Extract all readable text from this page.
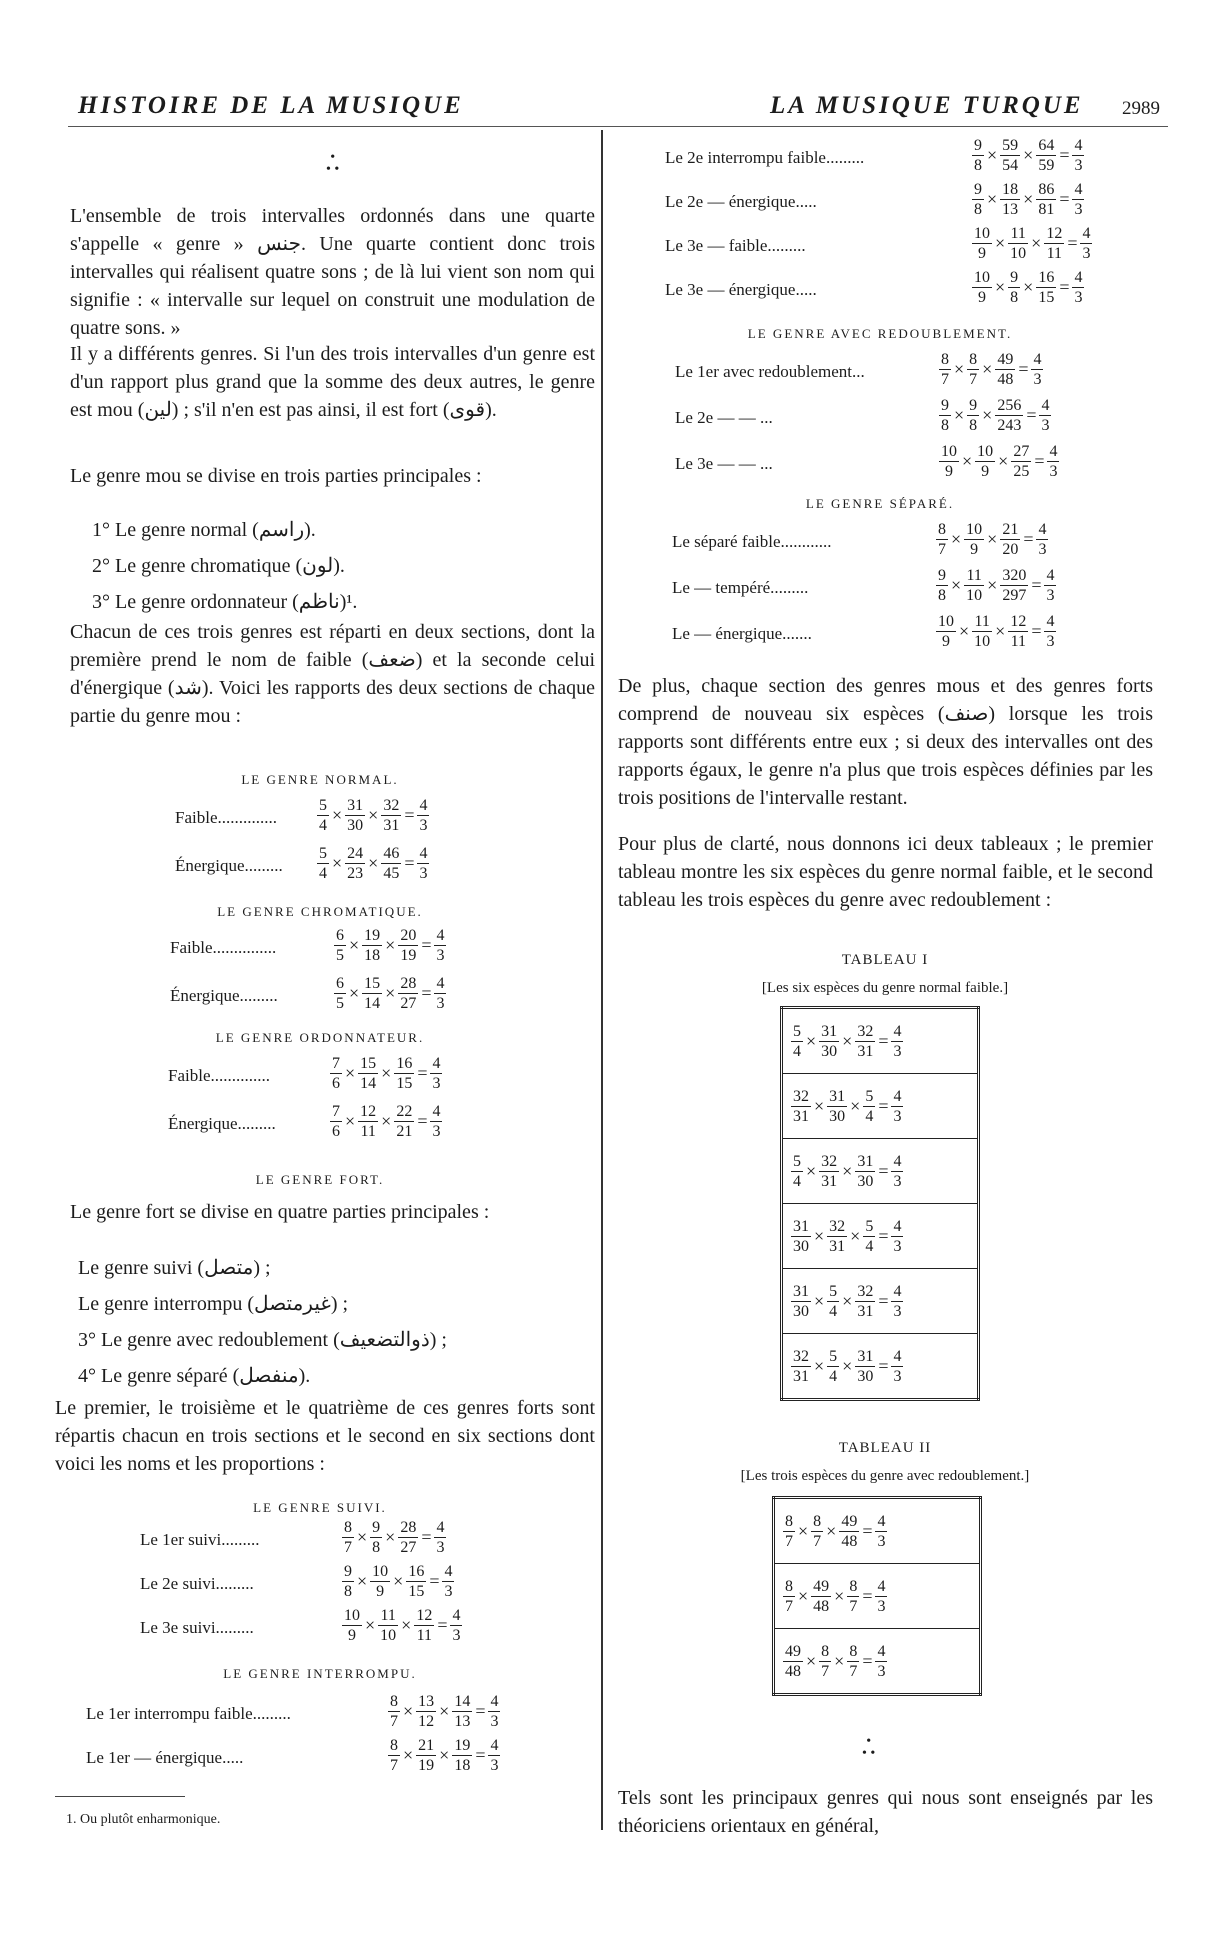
HISTOIRE DE LA MUSIQUE	LA MUSIQUE TURQUE 2989
•
• •
L'ensemble de trois intervalles ordonnés dans une quarte s'appelle « genre » جنس. Une quarte contient donc trois intervalles qui réalisent quatre sons ; de là lui vient son nom qui signifie : « intervalle sur lequel on construit une modulation de quatre sons. »
Il y a différents genres. Si l'un des trois intervalles d'un genre est d'un rapport plus grand que la somme des deux autres, le genre est mou (لين) ; s'il n'en est pas ainsi, il est fort (قوى).
Le genre mou se divise en trois parties principales :
1° Le genre normal (راسم).
2° Le genre chromatique (لون).
3° Le genre ordonnateur (ناظم)¹.
Chacun de ces trois genres est réparti en deux sections, dont la première prend le nom de faible (ضعف) et la seconde celui d'énergique (شد). Voici les rapports des deux sections de chaque partie du genre mou :
LE GENRE NORMAL.
Faible..............	$\frac{5}{4} \times \frac{31}{30} \times \frac{32}{31} = \frac{4}{3}$
Énergique......... $\frac{5}{4} \times \frac{24}{23} \times \frac{46}{45} = \frac{4}{3}$
LE GENRE CHROMATIQUE.
Faible...............	$\frac{6}{5} \times \frac{19}{18} \times \frac{20}{19} = \frac{4}{3}$
Énergique.........	$\frac{6}{5} \times \frac{15}{14} \times \frac{28}{27} = \frac{4}{3}$
LE GENRE ORDONNATEUR.
Faible..............	$\frac{7}{6} \times \frac{15}{14} \times \frac{16}{15} = \frac{4}{3}$
Énergique.........	$\frac{7}{6} \times \frac{12}{11} \times \frac{22}{21} = \frac{4}{3}$
LE GENRE FORT.
Le genre fort se divise en quatre parties principales :
Le genre suivi (متصل) ;
Le genre interrompu (غيرمتصل) ;
3° Le genre avec redoublement (ذوالتضعيف) ;
4° Le genre séparé (منفصل).
Le premier, le troisième et le quatrième de ces genres forts sont répartis chacun en trois sections et le second en six sections dont voici les noms et les proportions :
LE GENRE SUIVI.
Le 1er suivi.........	$\frac{8}{7} \times \frac{9}{8} \times \frac{28}{27} = \frac{4}{3}$
Le 2e suivi.........	$\frac{9}{8} \times \frac{10}{9} \times \frac{16}{15} = \frac{4}{3}$
Le 3e suivi.........	$\frac{10}{9} \times \frac{11}{10} \times \frac{12}{11} = \frac{4}{3}$
LE GENRE INTERROMPU.
Le 1er interrompu faible.........	$\frac{8}{7} \times \frac{13}{12} \times \frac{14}{13} = \frac{4}{3}$
Le 1er — énergique.....	$\frac{8}{7} \times \frac{21}{19} \times \frac{19}{18} = \frac{4}{3}$
1. Ou plutôt enharmonique.
Le 2e interrompu faible.........	$\frac{9}{8} \times \frac{59}{54} \times \frac{64}{59} = \frac{4}{3}$
Le 2e — énergique.....	$\frac{9}{8} \times \frac{18}{13} \times \frac{86}{81} = \frac{4}{3}$
Le 3e — faible.........	$\frac{10}{9} \times \frac{11}{10} \times \frac{12}{11} = \frac{4}{3}$
Le 3e — énergique.....	$\frac{10}{9} \times \frac{9}{8} \times \frac{16}{15} = \frac{4}{3}$
LE GENRE AVEC REDOUBLEMENT.
Le 1er avec redoublement...	$\frac{8}{7} \times \frac{8}{7} \times \frac{49}{48} = \frac{4}{3}$
Le 2e — — ...	$\frac{9}{8} \times \frac{9}{8} \times \frac{256}{243} = \frac{4}{3}$
Le 3e — — ...	$\frac{10}{9} \times \frac{10}{9} \times \frac{27}{25} = \frac{4}{3}$
LE GENRE SÉPARÉ.
Le séparé faible............	$\frac{8}{7} \times \frac{10}{9} \times \frac{21}{20} = \frac{4}{3}$
Le — tempéré.........	$\frac{9}{8} \times \frac{11}{10} \times \frac{320}{297} = \frac{4}{3}$
Le — énergique.......	$\frac{10}{9} \times \frac{11}{10} \times \frac{12}{11} = \frac{4}{3}$
De plus, chaque section des genres mous et des genres forts comprend de nouveau six espèces (صنف) lorsque les trois rapports sont différents entre eux ; si deux des intervalles ont des rapports égaux, le genre n'a plus que trois espèces définies par les trois positions de l'intervalle restant.
Pour plus de clarté, nous donnons ici deux tableaux ; le premier tableau montre les six espèces du genre normal faible, et le second tableau les trois espèces du genre avec redoublement :
TABLEAU I
[Les six espèces du genre normal faible.]
$\frac{5}{4} \times \frac{31}{30} \times \frac{32}{31} = \frac{4}{3}$

$\frac{32}{31} \times \frac{31}{30} \times \frac{5}{4} = \frac{4}{3}$

$\frac{5}{4} \times \frac{32}{31} \times \frac{31}{30} = \frac{4}{3}$

$\frac{31}{30} \times \frac{32}{31} \times \frac{5}{4} = \frac{4}{3}$

$\frac{31}{30} \times \frac{5}{4} \times \frac{32}{31} = \frac{4}{3}$

$\frac{32}{31} \times \frac{5}{4} \times \frac{31}{30} = \frac{4}{3}$
TABLEAU II
[Les trois espèces du genre avec redoublement.]
$\frac{8}{7} \times \frac{8}{7} \times \frac{49}{48} = \frac{4}{3}$

$\frac{8}{7} \times \frac{49}{48} \times \frac{8}{7} = \frac{4}{3}$

$\frac{49}{48} \times \frac{8}{7} \times \frac{8}{7} = \frac{4}{3}$
•
• •
Tels sont les principaux genres qui nous sont enseignés par les théoriciens orientaux en général,
